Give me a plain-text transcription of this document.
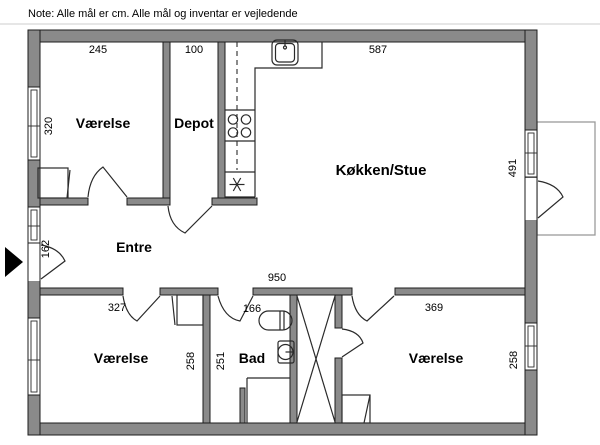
Note: Alle mål er cm. Alle mål og inventar er vejledende
Værelse	Depot
Køkken/Stue
Entre
Værelse	Bad	Værelse
245	100	587
320
491
162
950
327	166	369
258 251	258
